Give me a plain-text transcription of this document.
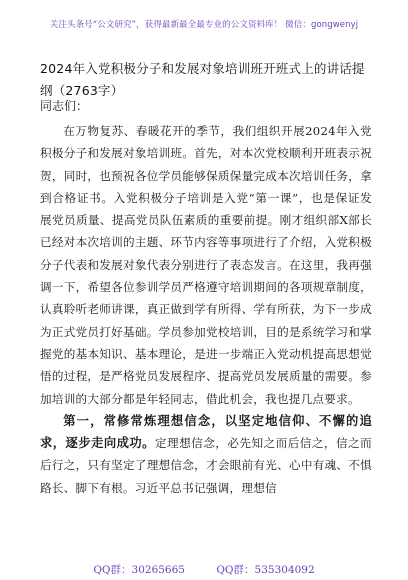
关注头条号“公文研究”，获得最新最全最专业的公文资料库！ 微信：gongwenyj
2024年入党积极分子和发展对象培训班开班式上的讲话提纲（2763字）
同志们：

在万物复苏、春暖花开的季节，我们组织开展2024年入党积极分子和发展对象培训班。首先，对本次党校顺利开班表示祝贺，同时，也预祝各位学员能够保质保量完成本次培训任务，拿到合格证书。入党积极分子培训是入党“第一课”，也是保证发展党员质量、提高党员队伍素质的重要前提。刚才组织部X部长已经对本次培训的主题、环节内容等事项进行了介绍，入党积极分子代表和发展对象代表分别进行了表态发言。在这里，我再强调一下，希望各位参训学员严格遵守培训期间的各项规章制度，认真聆听老师讲课，真正做到学有所得、学有所获，为下一步成为正式党员打好基础。学员参加党校培训，目的是系统学习和掌握党的基本知识、基本理论，是进一步端正入党动机提高思想觉悟的过程，是严格党员发展程序、提高党员发展质量的需要。参加培训的大部分都是年轻同志，借此机会，我也提几点要求。

第一，常修常炼理想信念，以坚定地信仰、不懈的追求，逐步走向成功。定理想信念，必先知之而后信之，信之而后行之，只有坚定了理想信念，才会眼前有光、心中有魂、不惧路长、脚下有根。习近平总书记强调，理想信

QQ群：30265665	QQ群：535304092
